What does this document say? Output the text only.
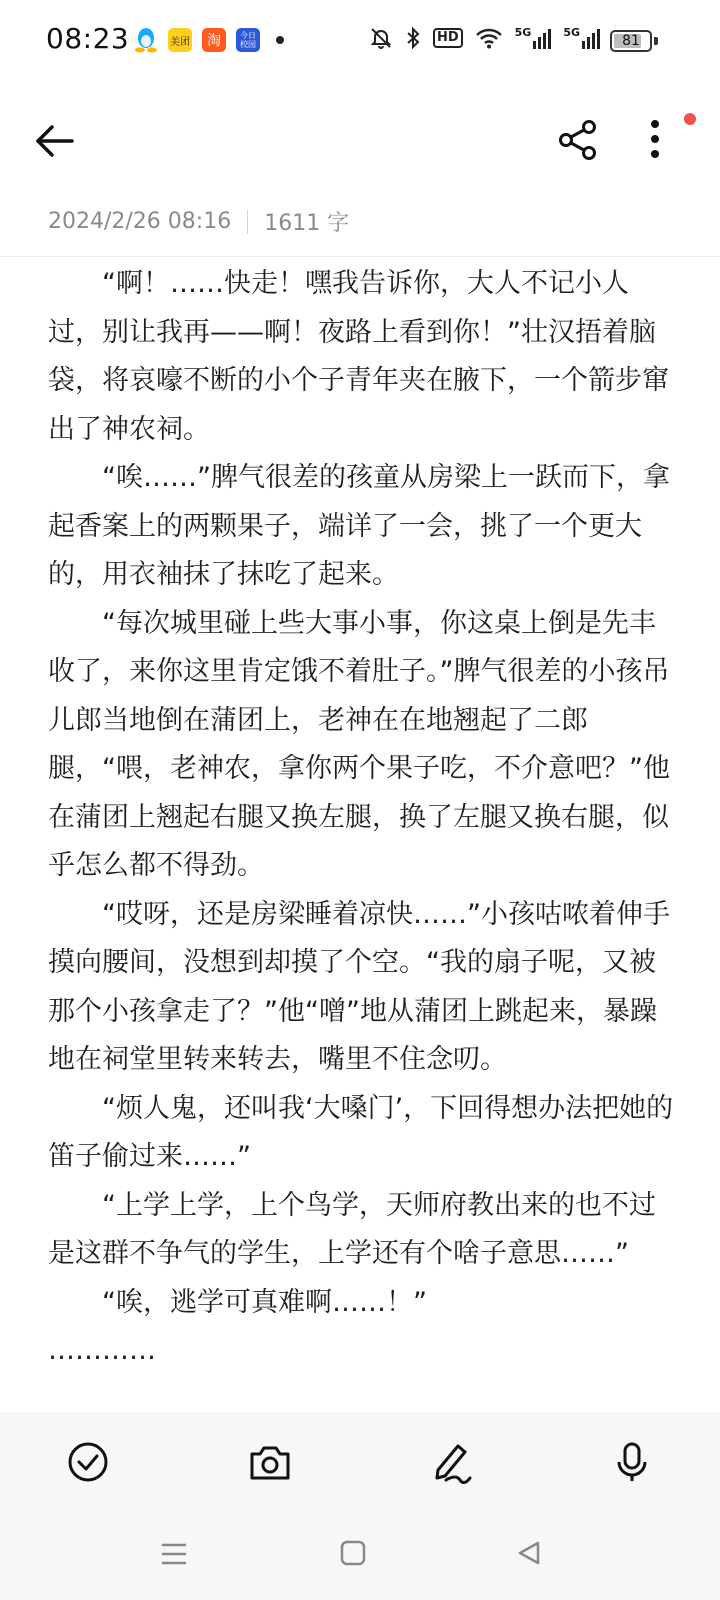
08:23	美团	淘	今日
校园	HD	5G	5G
81
2024/2/26 08:16 1611 字

“啊！……快走！嘿我告诉你，大人不记小人过，别让我再——啊！夜路上看到你！”壮汉捂着脑袋，将哀嚎不断的小个子青年夹在腋下，一个箭步窜出了神农祠。

“唉……”脾气很差的孩童从房梁上一跃而下，拿起香案上的两颗果子，端详了一会，挑了一个更大的，用衣袖抹了抹吃了起来。

“每次城里碰上些大事小事，你这桌上倒是先丰收了，来你这里肯定饿不着肚子。”脾气很差的小孩吊儿郎当地倒在蒲团上，老神在在地翘起了二郎腿，“喂，老神农，拿你两个果子吃，不介意吧？”他在蒲团上翘起右腿又换左腿，换了左腿又换右腿，似乎怎么都不得劲。

“哎呀，还是房梁睡着凉快……”小孩咕哝着伸手摸向腰间，没想到却摸了个空。“我的扇子呢，又被那个小孩拿走了？”他“噌”地从蒲团上跳起来，暴躁地在祠堂里转来转去，嘴里不住念叨。

“烦人鬼，还叫我‘大嗓门’，下回得想办法把她的笛子偷过来……”

“上学上学，上个鸟学，天师府教出来的也不过是这群不争气的学生，上学还有个啥子意思……”

“唉，逃学可真难啊……！”

…………
